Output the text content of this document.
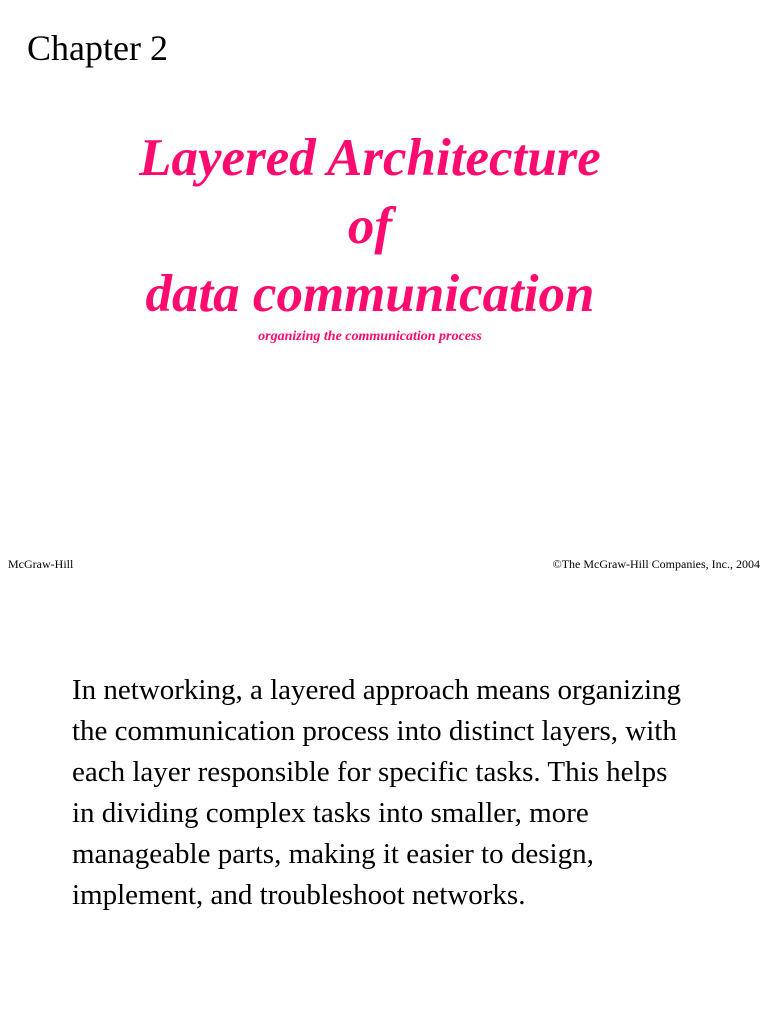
Chapter 2
Layered Architecture
of
data communication
organizing the communication process
McGraw-Hill	©The McGraw-Hill Companies, Inc., 2004

In networking, a layered approach means organizing the communication process into distinct layers, with each layer responsible for specific tasks. This helps in dividing complex tasks into smaller, more manageable parts, making it easier to design, implement, and troubleshoot networks.
